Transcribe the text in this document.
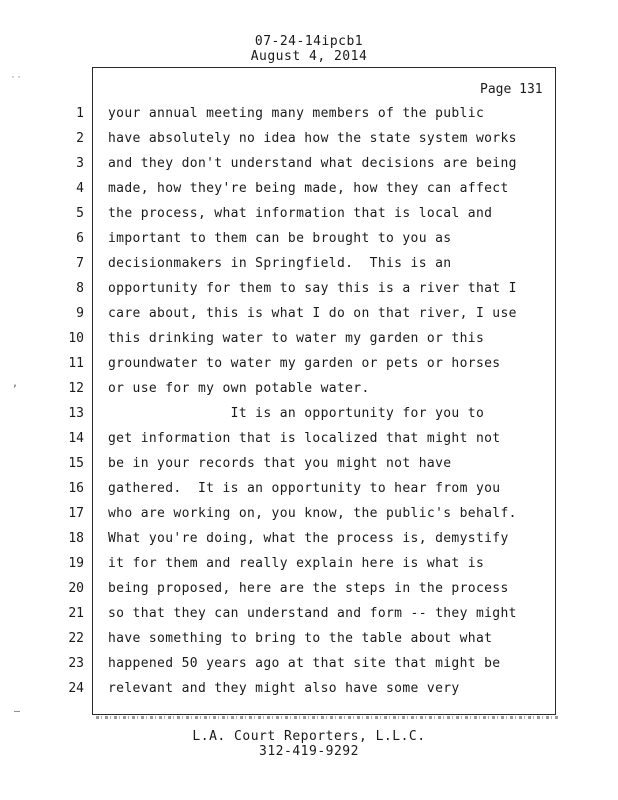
07-24-14ipcb1
August 4, 2014
Page 131
1 your annual meeting many members of the public
2 have absolutely no idea how the state system works
3 and they don't understand what decisions are being
4 made, how they're being made, how they can affect
5 the process, what information that is local and
6 important to them can be brought to you as
7 decisionmakers in Springfield.  This is an
8 opportunity for them to say this is a river that I
9 care about, this is what I do on that river, I use
10 this drinking water to water my garden or this
11 groundwater to water my garden or pets or horses
12 or use for my own potable water.
13 It is an opportunity for you to
14 get information that is localized that might not
15 be in your records that you might not have
16 gathered.  It is an opportunity to hear from you
17 who are working on, you know, the public's behalf.
18 What you're doing, what the process is, demystify
19 it for them and really explain here is what is
20 being proposed, here are the steps in the process
21 so that they can understand and form -- they might
22 have something to bring to the table about what
23 happened 50 years ago at that site that might be
24 relevant and they might also have some very
L.A. Court Reporters, L.L.C.
312-419-9292
˙˙
,
–
